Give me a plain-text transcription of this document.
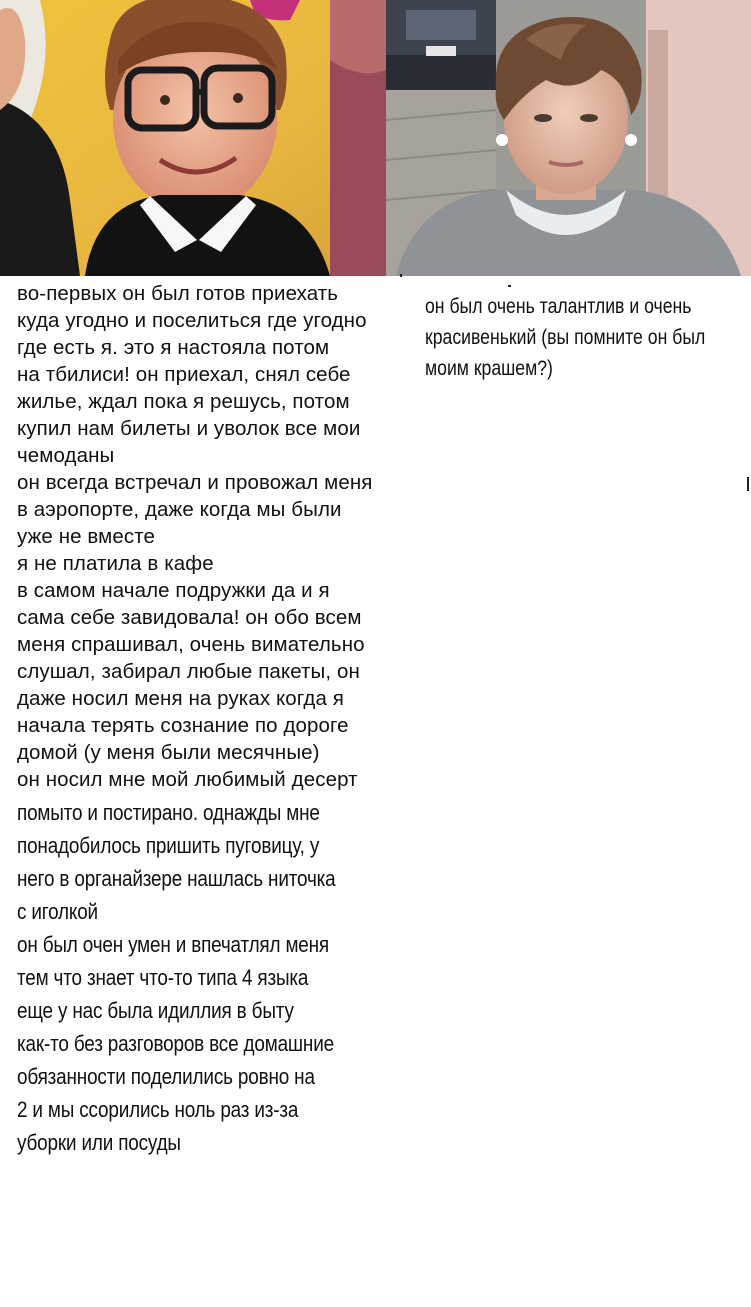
во-первых он был готов приехать
куда угодно и поселиться где угодно
где есть я. это я настояла потом
на тбилиси! он приехал, снял себе
жилье, ждал пока я решусь, потом
купил нам билеты и уволок все мои
чемоданы
он всегда встречал и провожал меня
в аэропорте, даже когда мы были
уже не вместе
я не платила в кафе
в самом начале подружки да и я
сама себе завидовала! он обо всем
меня спрашивал, очень вимательно
слушал, забирал любые пакеты, он
даже носил меня на руках когда я
начала терять сознание по дороге
домой (у меня были месячные)
он носил мне мой любимый десерт
помыто и постирано. однажды мне
понадобилось пришить пуговицу, у
него в органайзере нашлась ниточка
с иголкой
он был очен умен и впечатлял меня
тем что знает что-то типа 4 языка
еще у нас была идиллия в быту
как-то без разговоров все домашние
обязанности поделились ровно на
2 и мы ссорились ноль раз из-за
уборки или посуды
он был очень талантлив и очень
красивенький (вы помните он был
моим крашем?)
